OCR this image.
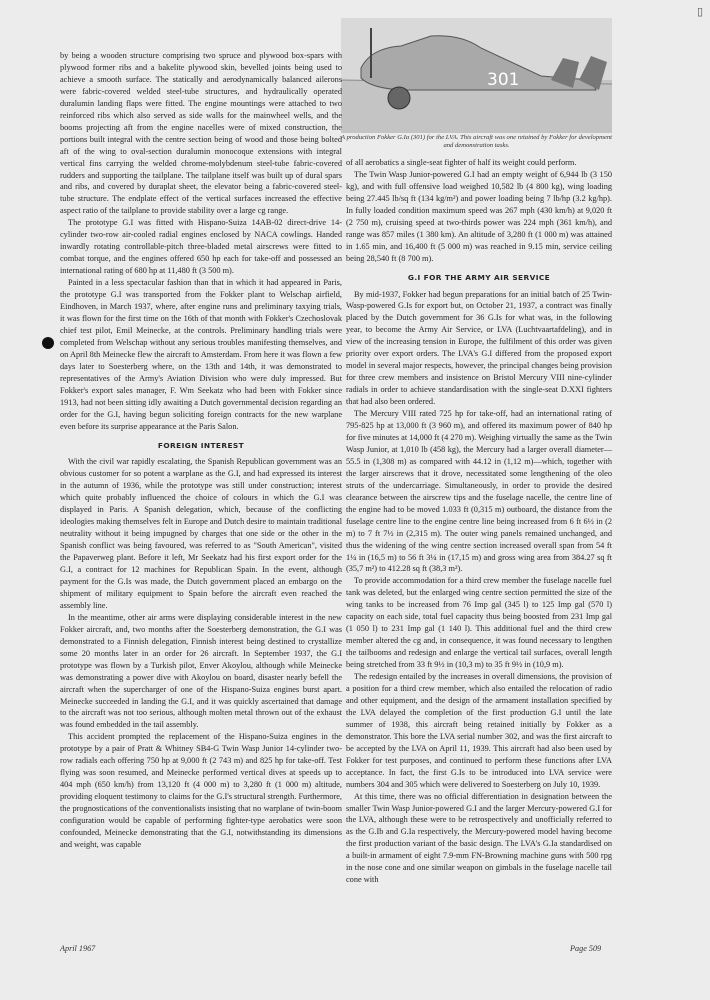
▯
301
A production Fokker G.Ia (301) for the LVA. This aircraft was one retained by Fokker for development and demonstration tasks.

by being a wooden structure comprising two spruce and plywood box-spars with plywood former ribs and a bakelite plywood skin, bevelled joints being used to achieve a smooth surface. The statically and aerodynamically balanced ailerons were fabric-covered welded steel-tube structures, and hydraulically operated duralumin landing flaps were fitted. The engine mountings were attached to two reinforced ribs which also served as side walls for the mainwheel wells, and the booms projecting aft from the engine nacelles were of mixed construction, the portions built integral with the centre section being of wood and those being bolted aft of the wing to oval-section duralumin monocoque extensions with integral vertical fins carrying the welded chrome-molybdenum steel-tube fabric-covered rudders and supporting the tailplane. The tailplane itself was built up of dural spars and ribs, and covered by duraplat sheet, the elevator being a fabric-covered steel-tube structure. The endplate effect of the vertical surfaces increased the effective aspect ratio of the tailplane to provide stability over a large cg range.

The prototype G.I was fitted with Hispano-Suiza 14AB-02 direct-drive 14-cylinder two-row air-cooled radial engines enclosed by NACA cowlings. Handed inwardly rotating controllable-pitch three-bladed metal airscrews were fitted to combat torque, and the engines offered 650 hp each for take-off and possessed an international rating of 680 hp at 11,480 ft (3 500 m).

Painted in a less spectacular fashion than that in which it had appeared in Paris, the prototype G.I was transported from the Fokker plant to Welschap airfield, Eindhoven, in March 1937, where, after engine runs and preliminary taxying trials, it was flown for the first time on the 16th of that month with Fokker's Czechoslovak chief test pilot, Emil Meinecke, at the controls. Preliminary handling trials were completed from Welschap without any serious troubles manifesting themselves, and on April 8th Meinecke flew the aircraft to Amsterdam. From here it was flown a few days later to Soesterberg where, on the 13th and 14th, it was demonstrated to representatives of the Army's Aviation Division who were duly impressed. But Fokker's export sales manager, F. Wm Seekatz who had been with Fokker since 1913, had not been sitting idly awaiting a Dutch governmental decision regarding an order for the G.I, having begun soliciting foreign contracts for the new warplane even before its surprise appearance at the Paris Salon.

FOREIGN INTEREST

With the civil war rapidly escalating, the Spanish Republican government was an obvious customer for so potent a warplane as the G.I, and had expressed its interest in the autumn of 1936, while the prototype was still under construction; interest which quite probably influenced the choice of colours in which the G.I was displayed in Paris. A Spanish delegation, which, because of the conflicting ideologies making themselves felt in Europe and Dutch desire to maintain traditional neutrality without it being impugned by charges that one side or the other in the Spanish conflict was being favoured, was referred to as "South American", visited the Papaverweg plant. Before it left, Mr Seekatz had his first export order for the G.I, a contract for 12 machines for Republican Spain. In the event, although payment for the G.Is was made, the Dutch government placed an embargo on the shipment of military equipment to Spain before the aircraft even reached the assembly line.

In the meantime, other air arms were displaying considerable interest in the new Fokker aircraft, and, two months after the Soesterberg demonstration, the G.I was demonstrated to a Finnish delegation, Finnish interest being destined to crystallize some 20 months later in an order for 26 aircraft. In September 1937, the G.I prototype was flown by a Turkish pilot, Enver Akoylou, although while Meinecke was demonstrating a power dive with Akoylou on board, disaster nearly befell the aircraft when the supercharger of one of the Hispano-Suiza engines burst apart. Meinecke succeeded in landing the G.I, and it was quickly ascertained that damage to the aircraft was not too serious, although molten metal thrown out of the exhaust was found embedded in the tail assembly.

This accident prompted the replacement of the Hispano-Suiza engines in the prototype by a pair of Pratt & Whitney SB4-G Twin Wasp Junior 14-cylinder two-row radials each offering 750 hp at 9,000 ft (2 743 m) and 825 hp for take-off. Test flying was soon resumed, and Meinecke performed vertical dives at speeds up to 404 mph (650 km/h) from 13,120 ft (4 000 m) to 3,280 ft (1 000 m) altitude, providing eloquent testimony to claims for the G.I's structural strength. Furthermore, the prognostications of the conventionalists insisting that no warplane of twin-boom configuration would be capable of performing fighter-type aerobatics were soon confounded, Meinecke demonstrating that the G.I, notwithstanding its dimensions and weight, was capable

of all aerobatics a single-seat fighter of half its weight could perform.

The Twin Wasp Junior-powered G.I had an empty weight of 6,944 lb (3 150 kg), and with full offensive load weighed 10,582 lb (4 800 kg), wing loading being 27.445 lb/sq ft (134 kg/m²) and power loading being 7 lb/hp (3.2 kg/hp). In fully loaded condition maximum speed was 267 mph (430 km/h) at 9,020 ft (2 750 m), cruising speed at two-thirds power was 224 mph (361 km/h), and range was 857 miles (1 380 km). An altitude of 3,280 ft (1 000 m) was attained in 1.65 min, and 16,400 ft (5 000 m) was reached in 9.15 min, service ceiling being 28,540 ft (8 700 m).

G.I FOR THE ARMY AIR SERVICE

By mid-1937, Fokker had begun preparations for an initial batch of 25 Twin-Wasp-powered G.Is for export but, on October 21, 1937, a contract was finally placed by the Dutch government for 36 G.Is for what was, in the following year, to become the Army Air Service, or LVA (Luchtvaartafdeling), and in view of the increasing tension in Europe, the fulfilment of this order was given priority over export orders. The LVA's G.I differed from the proposed export model in several major respects, however, the principal changes being provision for three crew members and insistence on Bristol Mercury VIII nine-cylinder radials in order to achieve standardisation with the single-seat D.XXI fighters that had also been ordered.

The Mercury VIII rated 725 hp for take-off, had an international rating of 795-825 hp at 13,000 ft (3 960 m), and offered its maximum power of 840 hp for five minutes at 14,000 ft (4 270 m). Weighing virtually the same as the Twin Wasp Junior, at 1,010 lb (458 kg), the Mercury had a larger overall diameter—55.5 in (1,308 m) as compared with 44.12 in (1,12 m)—which, together with the larger airscrews that it drove, necessitated some lengthening of the oleo struts of the undercarriage. Simultaneously, in order to provide the desired clearance between the airscrew tips and the fuselage nacelle, the centre line of the engine had to be moved 1.033 ft (0,315 m) outboard, the distance from the fuselage centre line to the engine centre line being increased from 6 ft 6½ in (2 m) to 7 ft 7½ in (2,315 m). The outer wing panels remained unchanged, and thus the widening of the wing centre section increased overall span from 54 ft 1¼ in (16,5 m) to 56 ft 3¼ in (17,15 m) and gross wing area from 384.27 sq ft (35,7 m²) to 412.28 sq ft (38,3 m²).

To provide accommodation for a third crew member the fuselage nacelle fuel tank was deleted, but the enlarged wing centre section permitted the size of the wing tanks to be increased from 76 Imp gal (345 l) to 125 Imp gal (570 l) capacity on each side, total fuel capacity thus being boosted from 231 Imp gal (1 050 l) to 231 Imp gal (1 140 l). This additional fuel and the third crew member altered the cg and, in consequence, it was found necessary to lengthen the tailbooms and redesign and enlarge the vertical tail surfaces, overall length being stretched from 33 ft 9½ in (10,3 m) to 35 ft 9½ in (10,9 m).

The redesign entailed by the increases in overall dimensions, the provision of a position for a third crew member, which also entailed the relocation of radio and other equipment, and the design of the armament installation specified by the LVA delayed the completion of the first production G.I until the late summer of 1938, this aircraft being retained initially by Fokker as a demonstrator. This bore the LVA serial number 302, and was the first aircraft to be accepted by the LVA on April 11, 1939. This aircraft had also been used by Fokker for test purposes, and continued to perform these functions after LVA acceptance. In fact, the first G.Is to be introduced into LVA service were numbers 304 and 305 which were delivered to Soesterberg on July 10, 1939.

At this time, there was no official differentiation in designation between the smaller Twin Wasp Junior-powered G.I and the larger Mercury-powered G.I for the LVA, although these were to be retrospectively and unofficially referred to as the G.Ib and G.Ia respectively, the Mercury-powered model having become the first production variant of the basic design. The LVA's G.Ia standardised on a built-in armament of eight 7.9-mm FN-Browning machine guns with 500 rpg in the nose cone and one similar weapon on gimbals in the fuselage nacelle tail cone with

April 1967	Page 509
